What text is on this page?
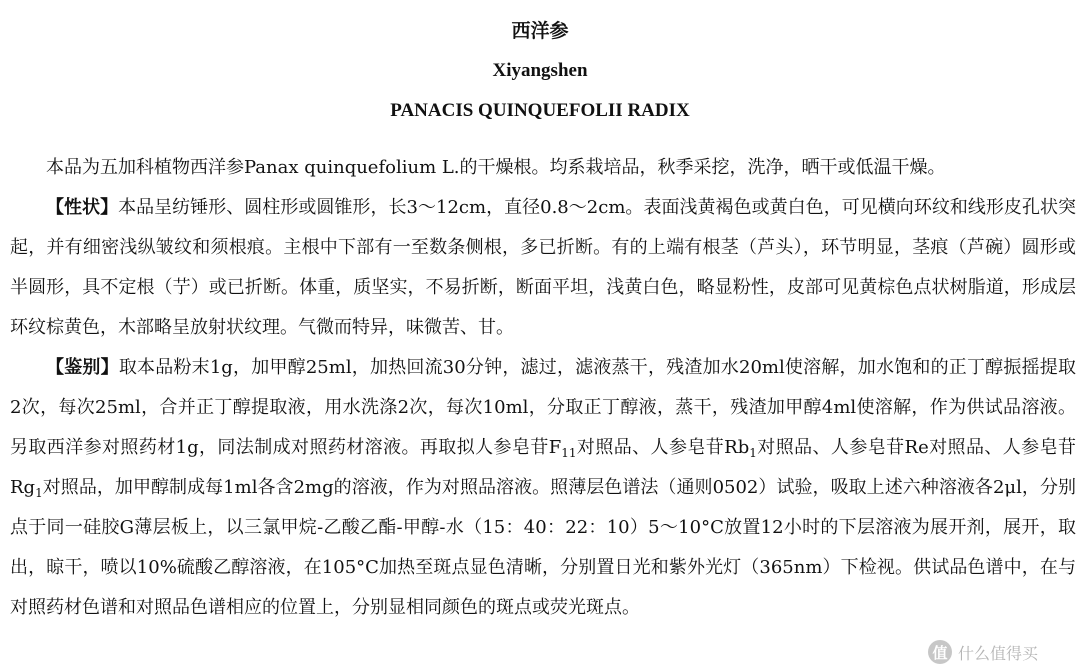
西洋参
Xiyangshen
PANACIS QUINQUEFOLII RADIX

本品为五加科植物西洋参Panax quinquefolium L.的干燥根。均系栽培品，秋季采挖，洗净，晒干或低温干燥。

【性状】本品呈纺锤形、圆柱形或圆锥形，长3～12cm，直径0.8～2cm。表面浅黄褐色或黄白色，可见横向环纹和线形皮孔状突起，并有细密浅纵皱纹和须根痕。主根中下部有一至数条侧根，多已折断。有的上端有根茎（芦头），环节明显，茎痕（芦碗）圆形或半圆形，具不定根（艼）或已折断。体重，质坚实，不易折断，断面平坦，浅黄白色，略显粉性，皮部可见黄棕色点状树脂道，形成层环纹棕黄色，木部略呈放射状纹理。气微而特异，味微苦、甘。

【鉴别】取本品粉末1g，加甲醇25ml，加热回流30分钟，滤过，滤液蒸干，残渣加水20ml使溶解，加水饱和的正丁醇振摇提取2次，每次25ml，合并正丁醇提取液，用水洗涤2次，每次10ml，分取正丁醇液，蒸干，残渣加甲醇4ml使溶解，作为供试品溶液。另取西洋参对照药材1g，同法制成对照药材溶液。再取拟人参皂苷$F_{11}$对照品、人参皂苷$Rb_1$对照品、人参皂苷Re对照品、人参皂苷$Rg_1$对照品，加甲醇制成每1ml各含2mg的溶液，作为对照品溶液。照薄层色谱法（通则0502）试验，吸取上述六种溶液各2μl，分别点于同一硅胶G薄层板上，以三氯甲烷-乙酸乙酯-甲醇-水（15：40：22：10）5～10°C放置12小时的下层溶液为展开剂，展开，取出，晾干，喷以10%硫酸乙醇溶液，在105°C加热至斑点显色清晰，分别置日光和紫外光灯（365nm）下检视。供试品色谱中，在与对照药材色谱和对照品色谱相应的位置上，分别显相同颜色的斑点或荧光斑点。

值 什么值得买
